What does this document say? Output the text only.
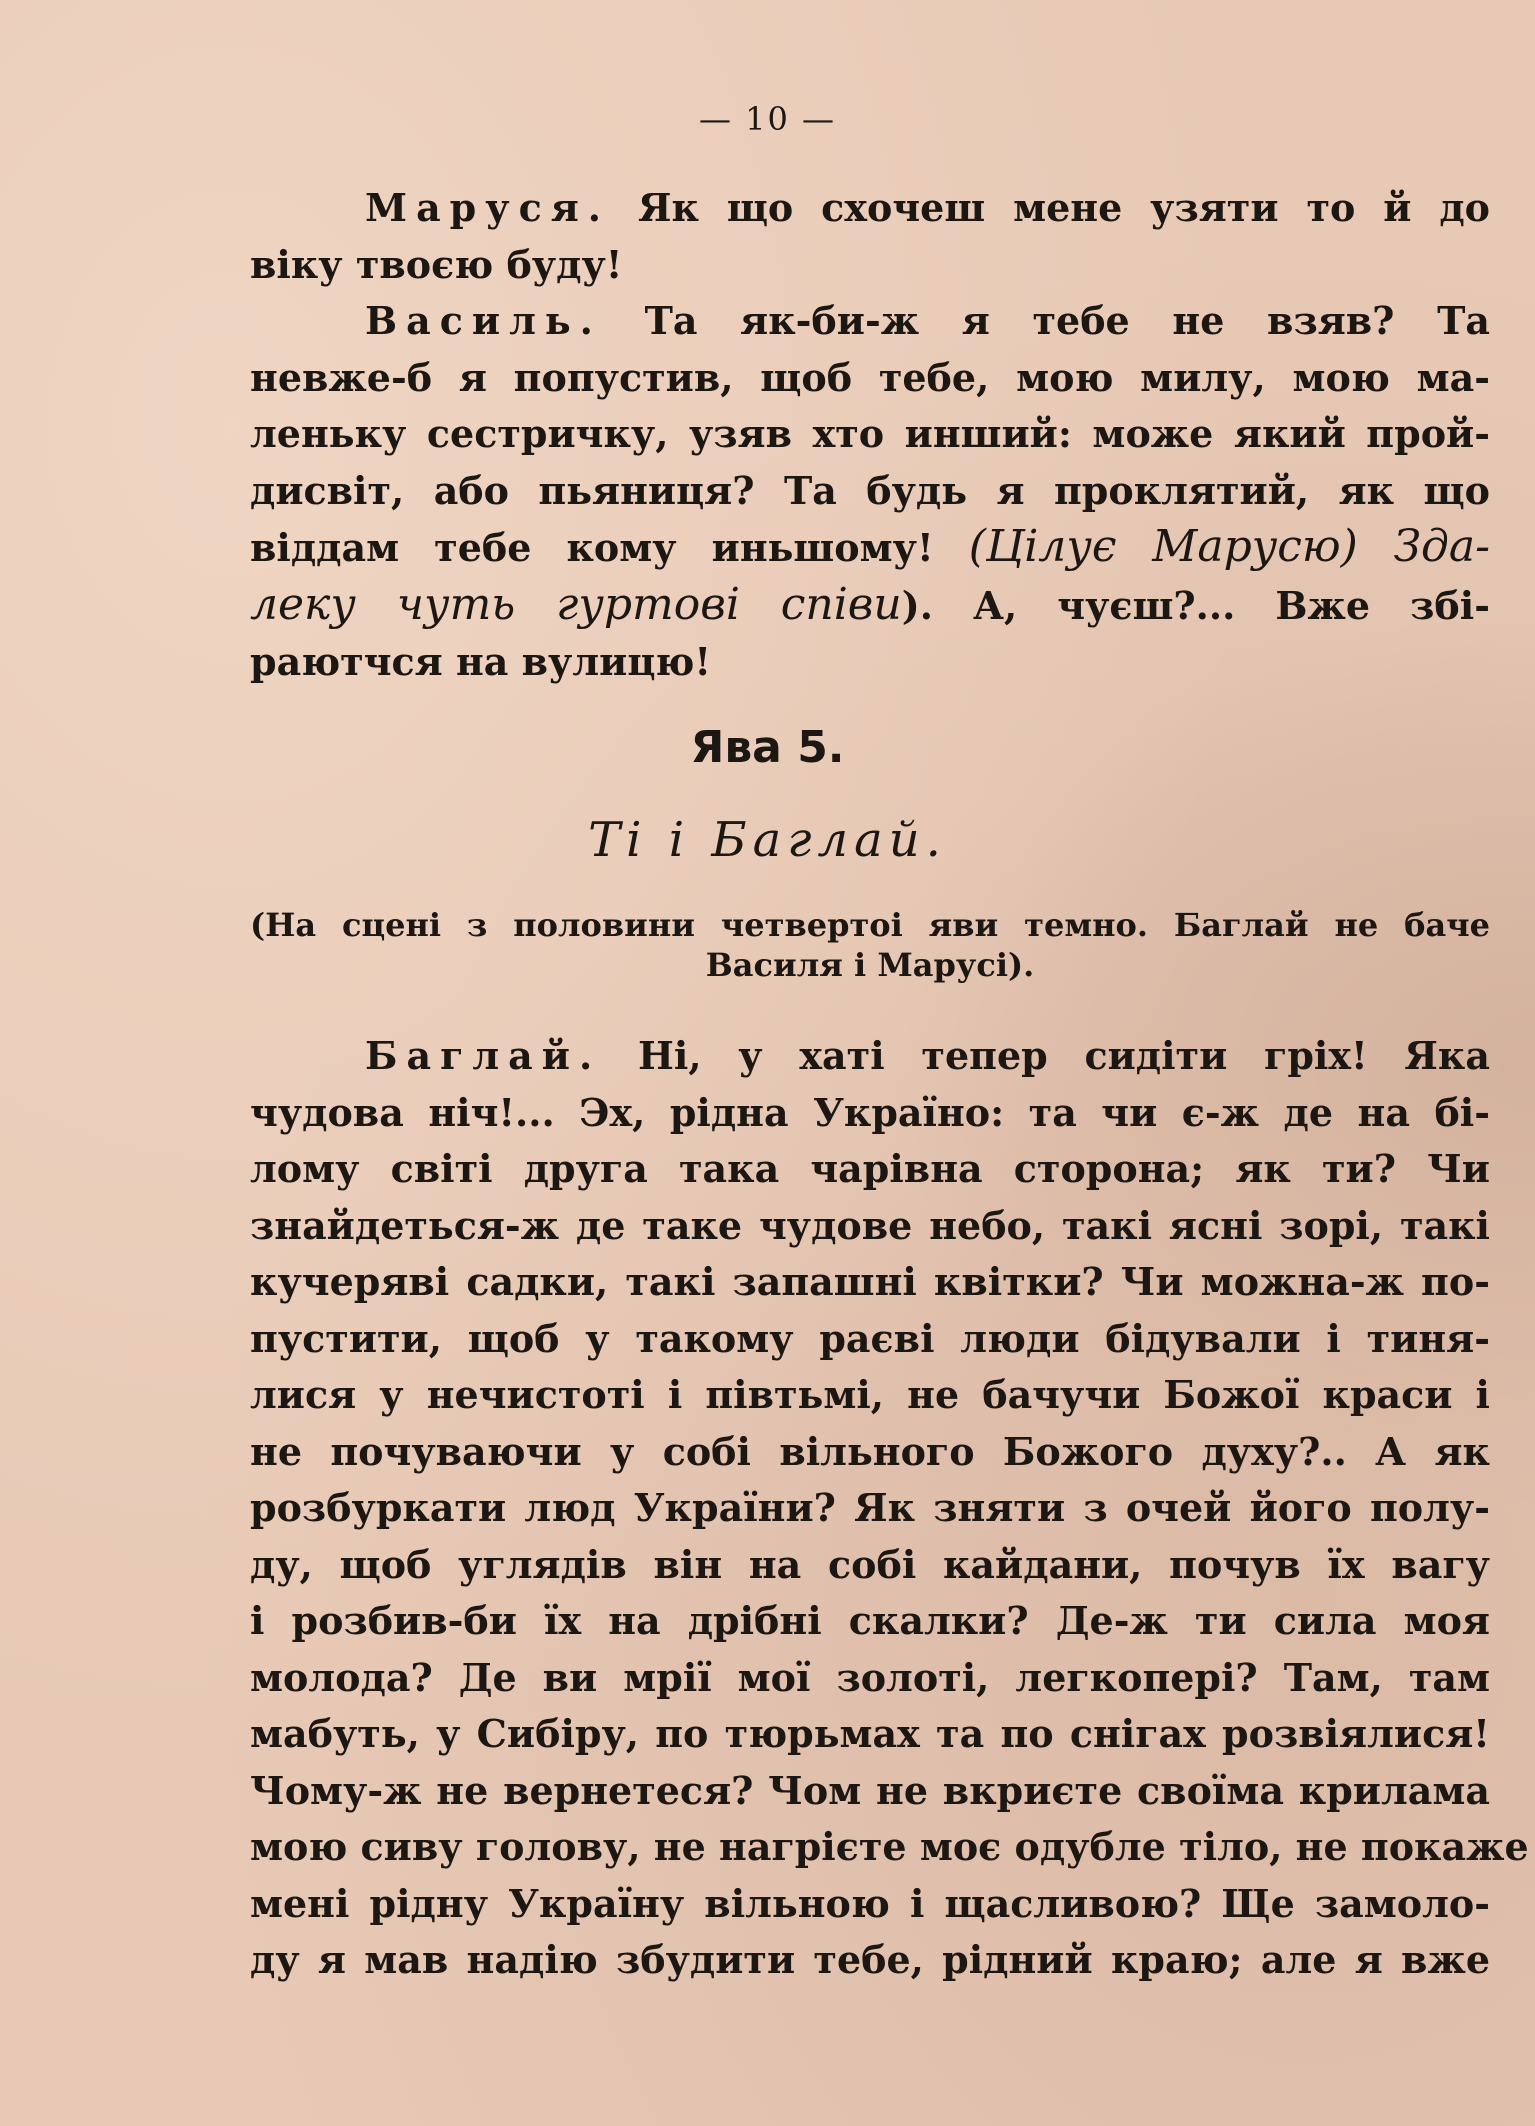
— 10 —
Маруся. Як що схочеш мене узяти то й до
віку твоєю буду!
Василь. Та як-би-ж я тебе не взяв? Та
невже-б я попустив, щоб тебе, мою милу, мою ма-
леньку сестричку, узяв хто инший: може який прой-
дисвіт, або пьяниця? Та будь я проклятий, як що
віддам тебе кому иньшому! (Цілує Марусю) Зда-
леку чуть гуртові співи). А, чуєш?... Вже збі-
раютчся на вулицю!
Ява 5.
Ті і Баглай.
(На сцені з половини четвертоі яви темно. Баглай не баче
Василя і Марусі).
Баглай. Ні, у хаті тепер сидіти гріх! Яка
чудова ніч!... Эх, рідна Україно: та чи є-ж де на бі-
лому світі друга така чарівна сторона; як ти? Чи
знайдеться-ж де таке чудове небо, такі ясні зорі, такі
кучеряві садки, такі запашні квітки? Чи можна-ж по-
пустити, щоб у такому раєві люди бідували і тиня-
лися у нечистоті і півтьмі, не бачучи Божої краси і
не почуваючи у собі вільного Божого духу?.. А як
розбуркати люд України? Як зняти з очей його полу-
ду, щоб углядів він на собі кайдани, почув їх вагу
і розбив-би їх на дрібні скалки? Де-ж ти сила моя
молода? Де ви мрії мої золоті, легкопері? Там, там
мабуть, у Сибіру, по тюрьмах та по снігах розвіялися!
Чому-ж не вернетеся? Чом не вкриєте своїма крилама
мою сиву голову, не нагрієте моє одубле тіло, не покаже
мені рідну Україну вільною і щасливою? Ще замоло-
ду я мав надію збудити тебе, рідний краю; але я вже
